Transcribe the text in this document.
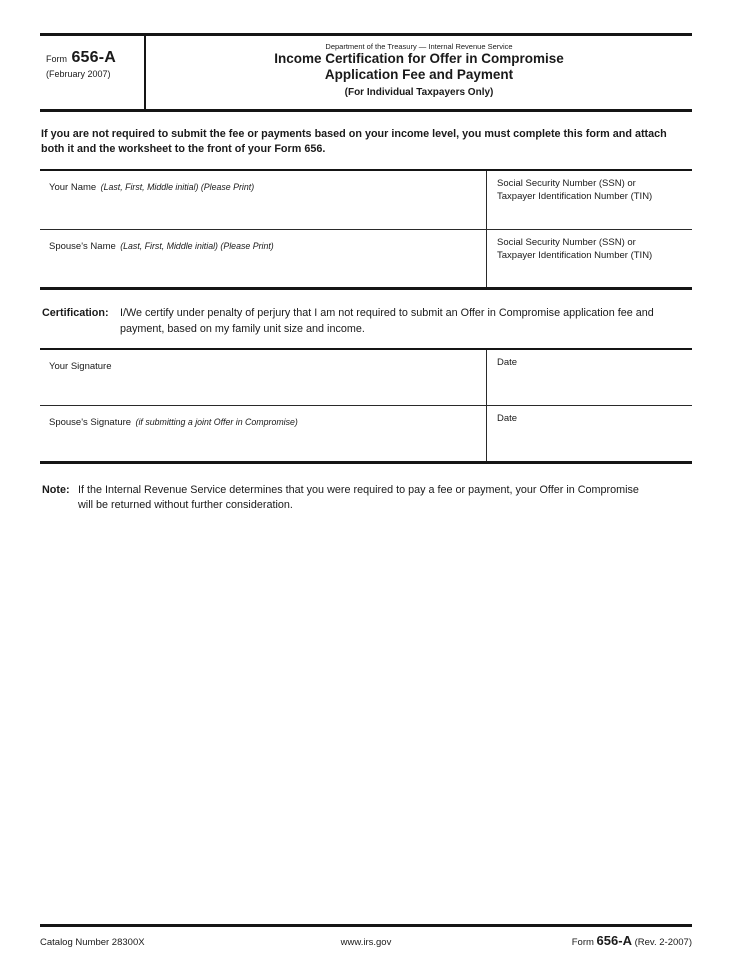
Form 656-A
(February 2007)
Department of the Treasury — Internal Revenue Service
Income Certification for Offer in Compromise
Application Fee and Payment
(For Individual Taxpayers Only)
If you are not required to submit the fee or payments based on your income level, you must complete this form and attach both it and the worksheet to the front of your Form 656.
Your Name (Last, First, Middle initial) (Please Print)	Social Security Number (SSN) or
Taxpayer Identification Number (TIN)
Spouse's Name (Last, First, Middle initial) (Please Print)	Social Security Number (SSN) or
Taxpayer Identification Number (TIN)
Certification:	I/We certify under penalty of perjury that I am not required to submit an Offer in Compromise application fee and payment, based on my family unit size and income.
Your Signature	Date
Spouse's Signature (if submitting a joint Offer in Compromise)	Date
Note: If the Internal Revenue Service determines that you were required to pay a fee or payment, your Offer in Compromise will be returned without further consideration.
Catalog Number 28300X	www.irs.gov	Form 656-A (Rev. 2-2007)
